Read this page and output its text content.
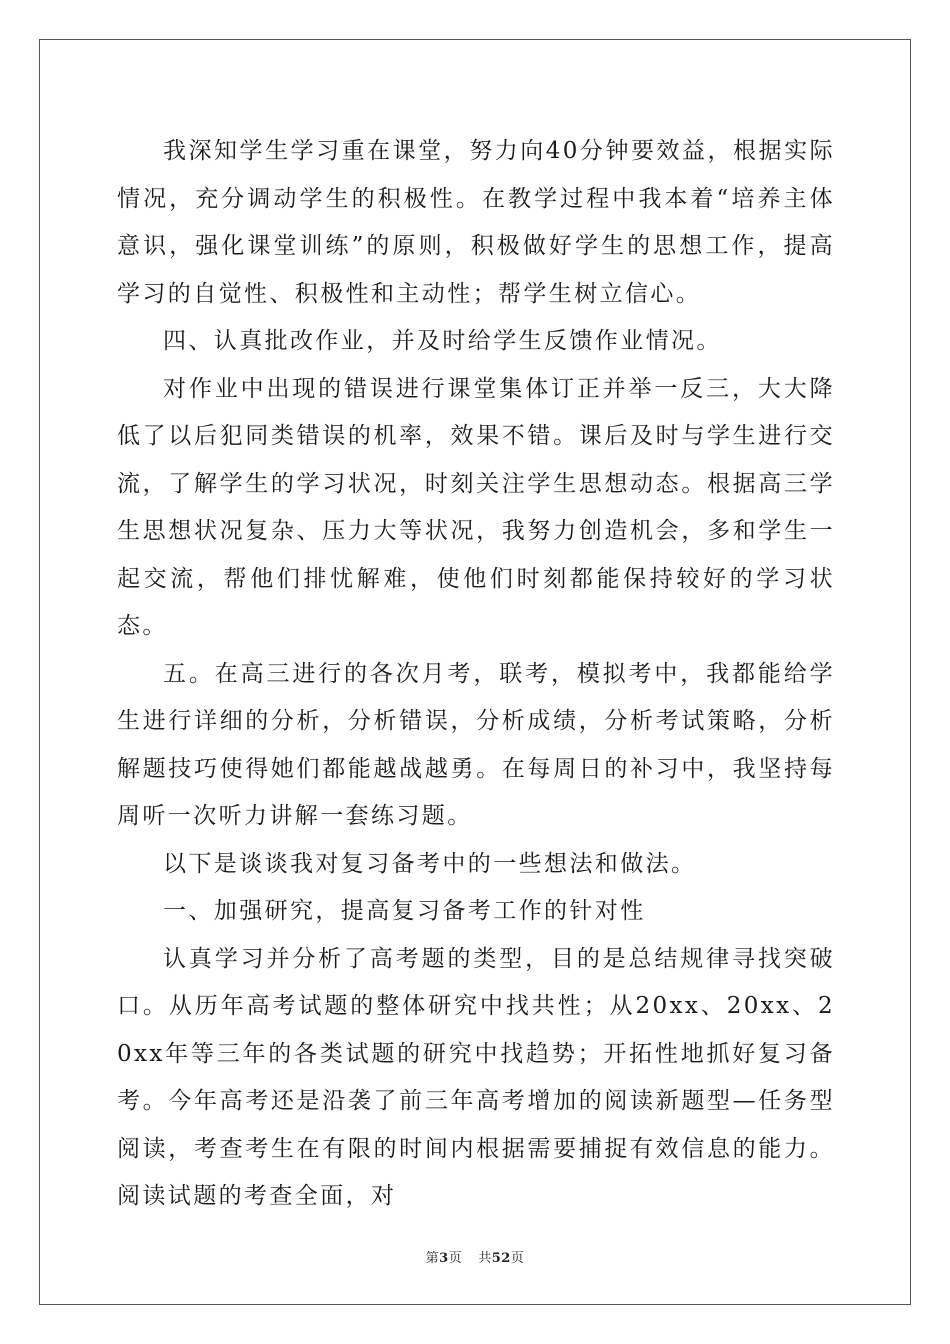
我深知学生学习重在课堂，努力向40分钟要效益，根据实际情况，充分调动学生的积极性。在教学过程中我本着“培养主体意识，强化课堂训练”的原则，积极做好学生的思想工作，提高学习的自觉性、积极性和主动性；帮学生树立信心。

四、认真批改作业，并及时给学生反馈作业情况。

对作业中出现的错误进行课堂集体订正并举一反三，大大降低了以后犯同类错误的机率，效果不错。课后及时与学生进行交流，了解学生的学习状况，时刻关注学生思想动态。根据高三学生思想状况复杂、压力大等状况，我努力创造机会，多和学生一起交流，帮他们排忧解难，使他们时刻都能保持较好的学习状态。

五。在高三进行的各次月考，联考，模拟考中，我都能给学生进行详细的分析，分析错误，分析成绩，分析考试策略，分析解题技巧使得她们都能越战越勇。在每周日的补习中，我坚持每周听一次听力讲解一套练习题。

以下是谈谈我对复习备考中的一些想法和做法。

一、加强研究，提高复习备考工作的针对性

认真学习并分析了高考题的类型，目的是总结规律寻找突破口。从历年高考试题的整体研究中找共性；从20xx、20xx、20xx年等三年的各类试题的研究中找趋势；开拓性地抓好复习备考。今年高考还是沿袭了前三年高考增加的阅读新题型—任务型阅读，考查考生在有限的时间内根据需要捕捉有效信息的能力。阅读试题的考查全面，对

第3页 共52页
